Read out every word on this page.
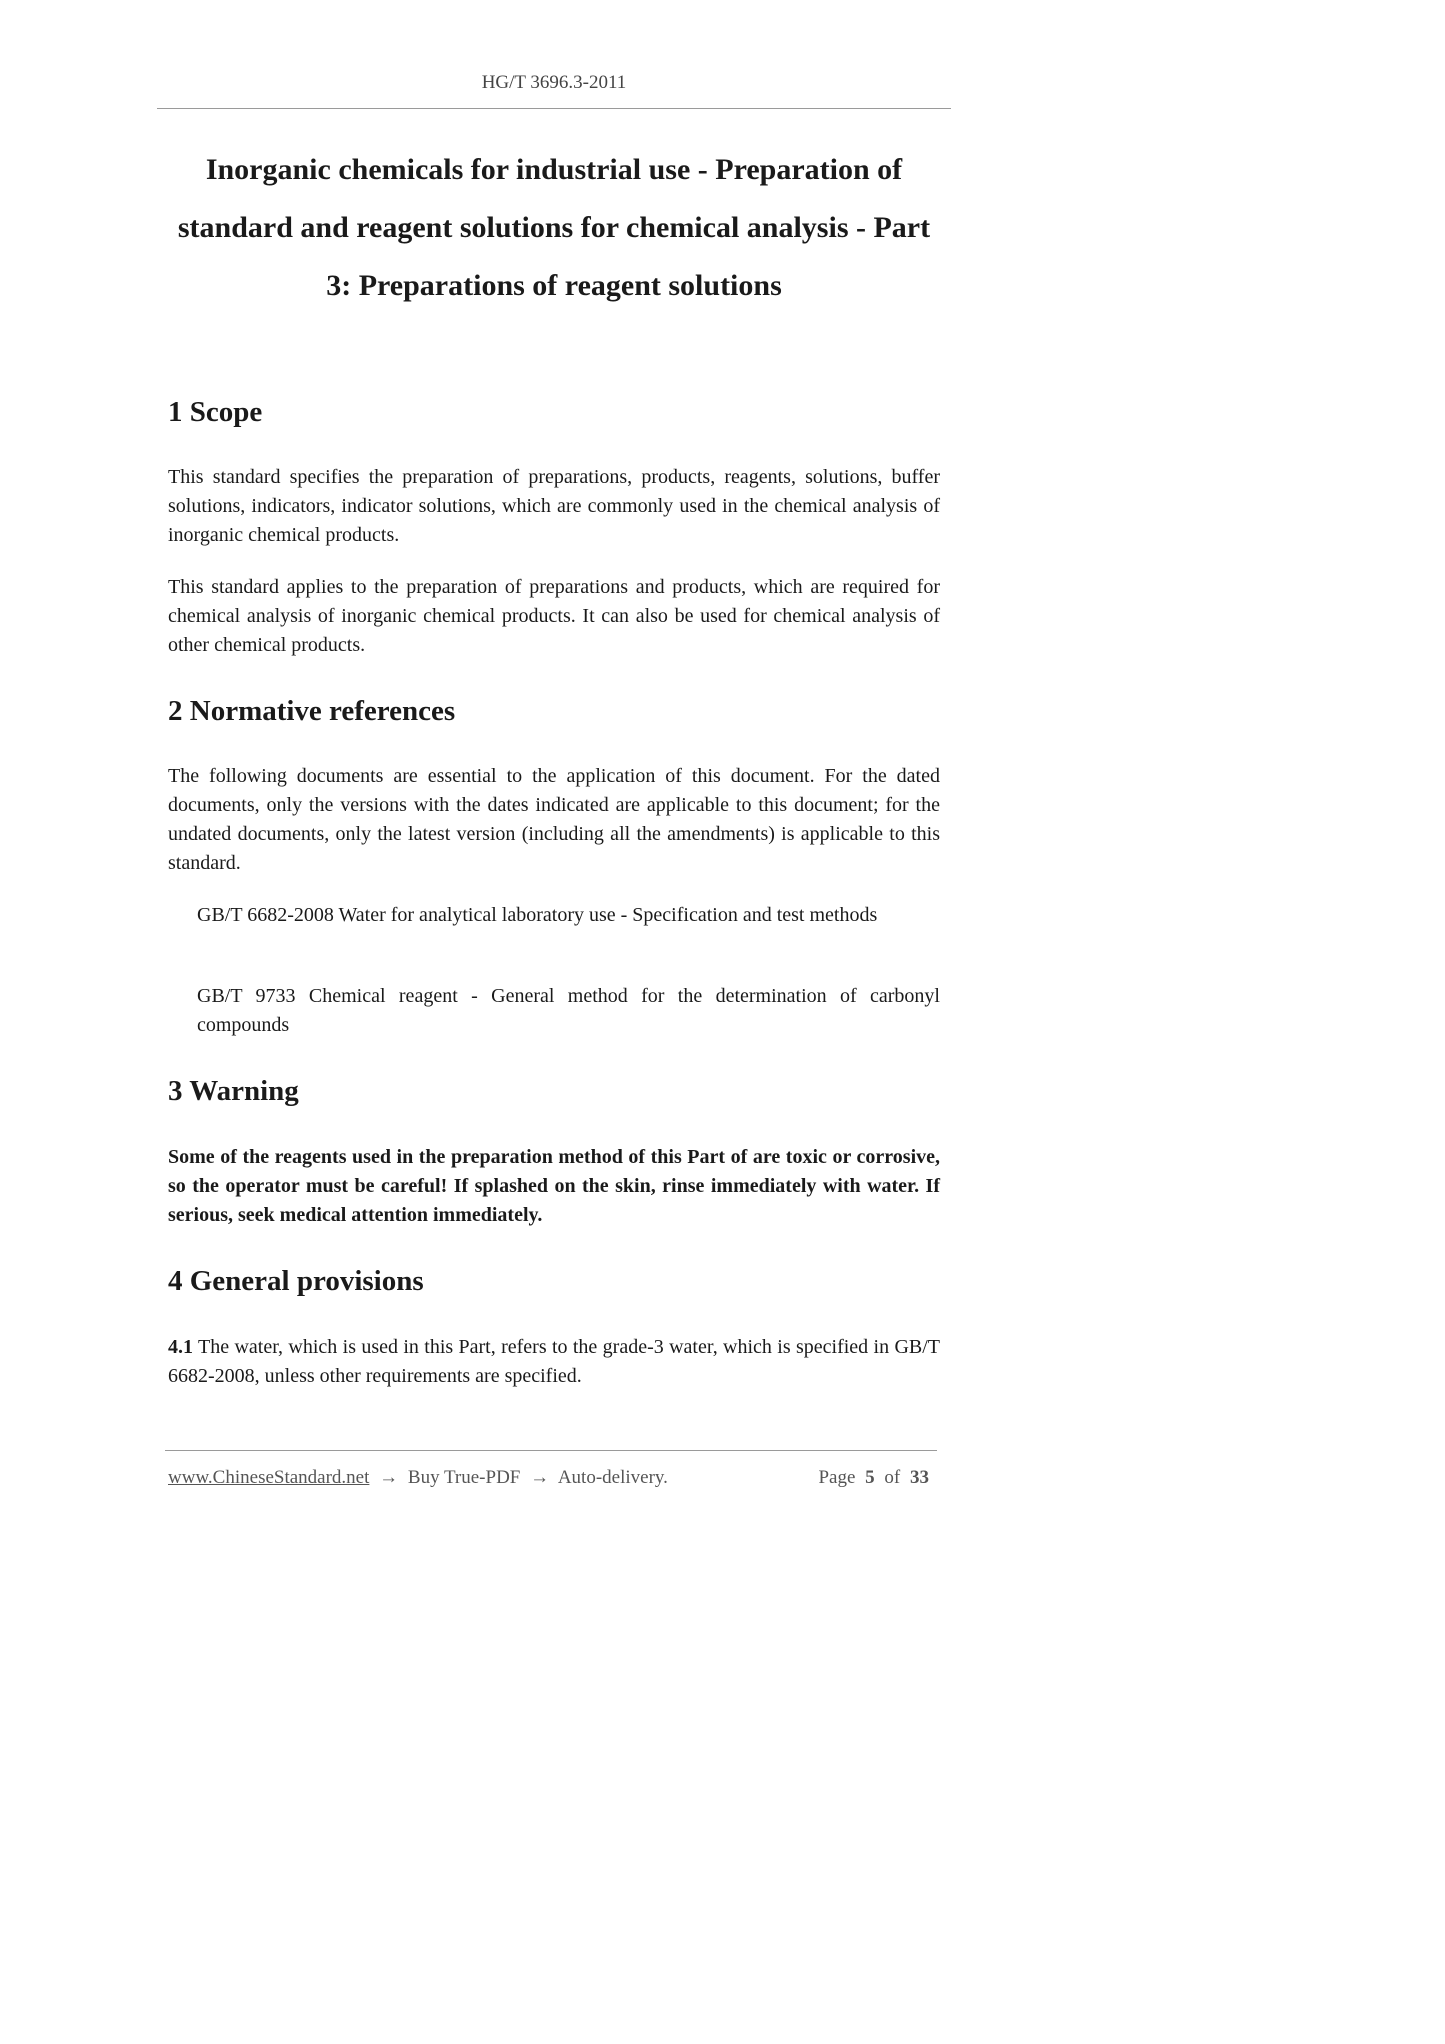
HG/T 3696.3-2011
Inorganic chemicals for industrial use - Preparation of
standard and reagent solutions for chemical analysis - Part
3: Preparations of reagent solutions
1 Scope

This standard specifies the preparation of preparations, products, reagents, solutions, buffer solutions, indicators, indicator solutions, which are commonly used in the chemical analysis of inorganic chemical products.

This standard applies to the preparation of preparations and products, which are required for chemical analysis of inorganic chemical products. It can also be used for chemical analysis of other chemical products.

2 Normative references

The following documents are essential to the application of this document. For the dated documents, only the versions with the dates indicated are applicable to this document; for the undated documents, only the latest version (including all the amendments) is applicable to this standard.

GB/T 6682-2008 Water for analytical laboratory use - Specification and test methods

GB/T 9733 Chemical reagent - General method for the determination of carbonyl compounds

3 Warning

Some of the reagents used in the preparation method of this Part of are toxic or corrosive, so the operator must be careful! If splashed on the skin, rinse immediately with water. If serious, seek medical attention immediately.

4 General provisions

4.1 The water, which is used in this Part, refers to the grade-3 water, which is specified in GB/T 6682-2008, unless other requirements are specified.

www.ChineseStandard.net → Buy True-PDF → Auto-delivery.	Page 5 of 33
